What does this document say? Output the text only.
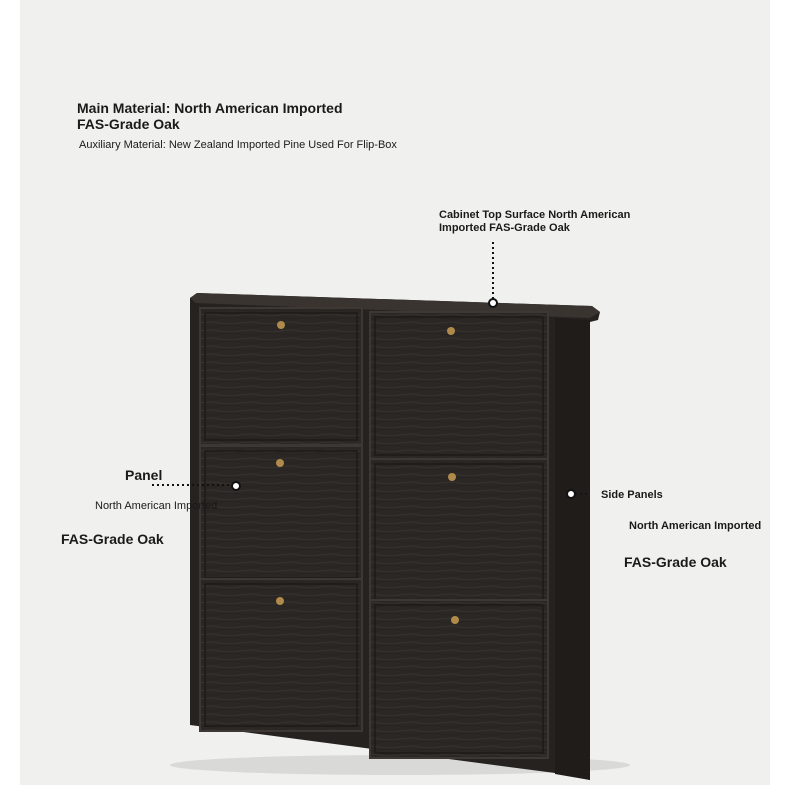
Main Material: North American Imported
FAS-Grade Oak
Auxiliary Material: New Zealand Imported Pine Used For Flip-Box
Cabinet Top Surface North American
Imported FAS-Grade Oak
Panel
North American Imported
FAS-Grade Oak
Side Panels
North American Imported
FAS-Grade Oak
